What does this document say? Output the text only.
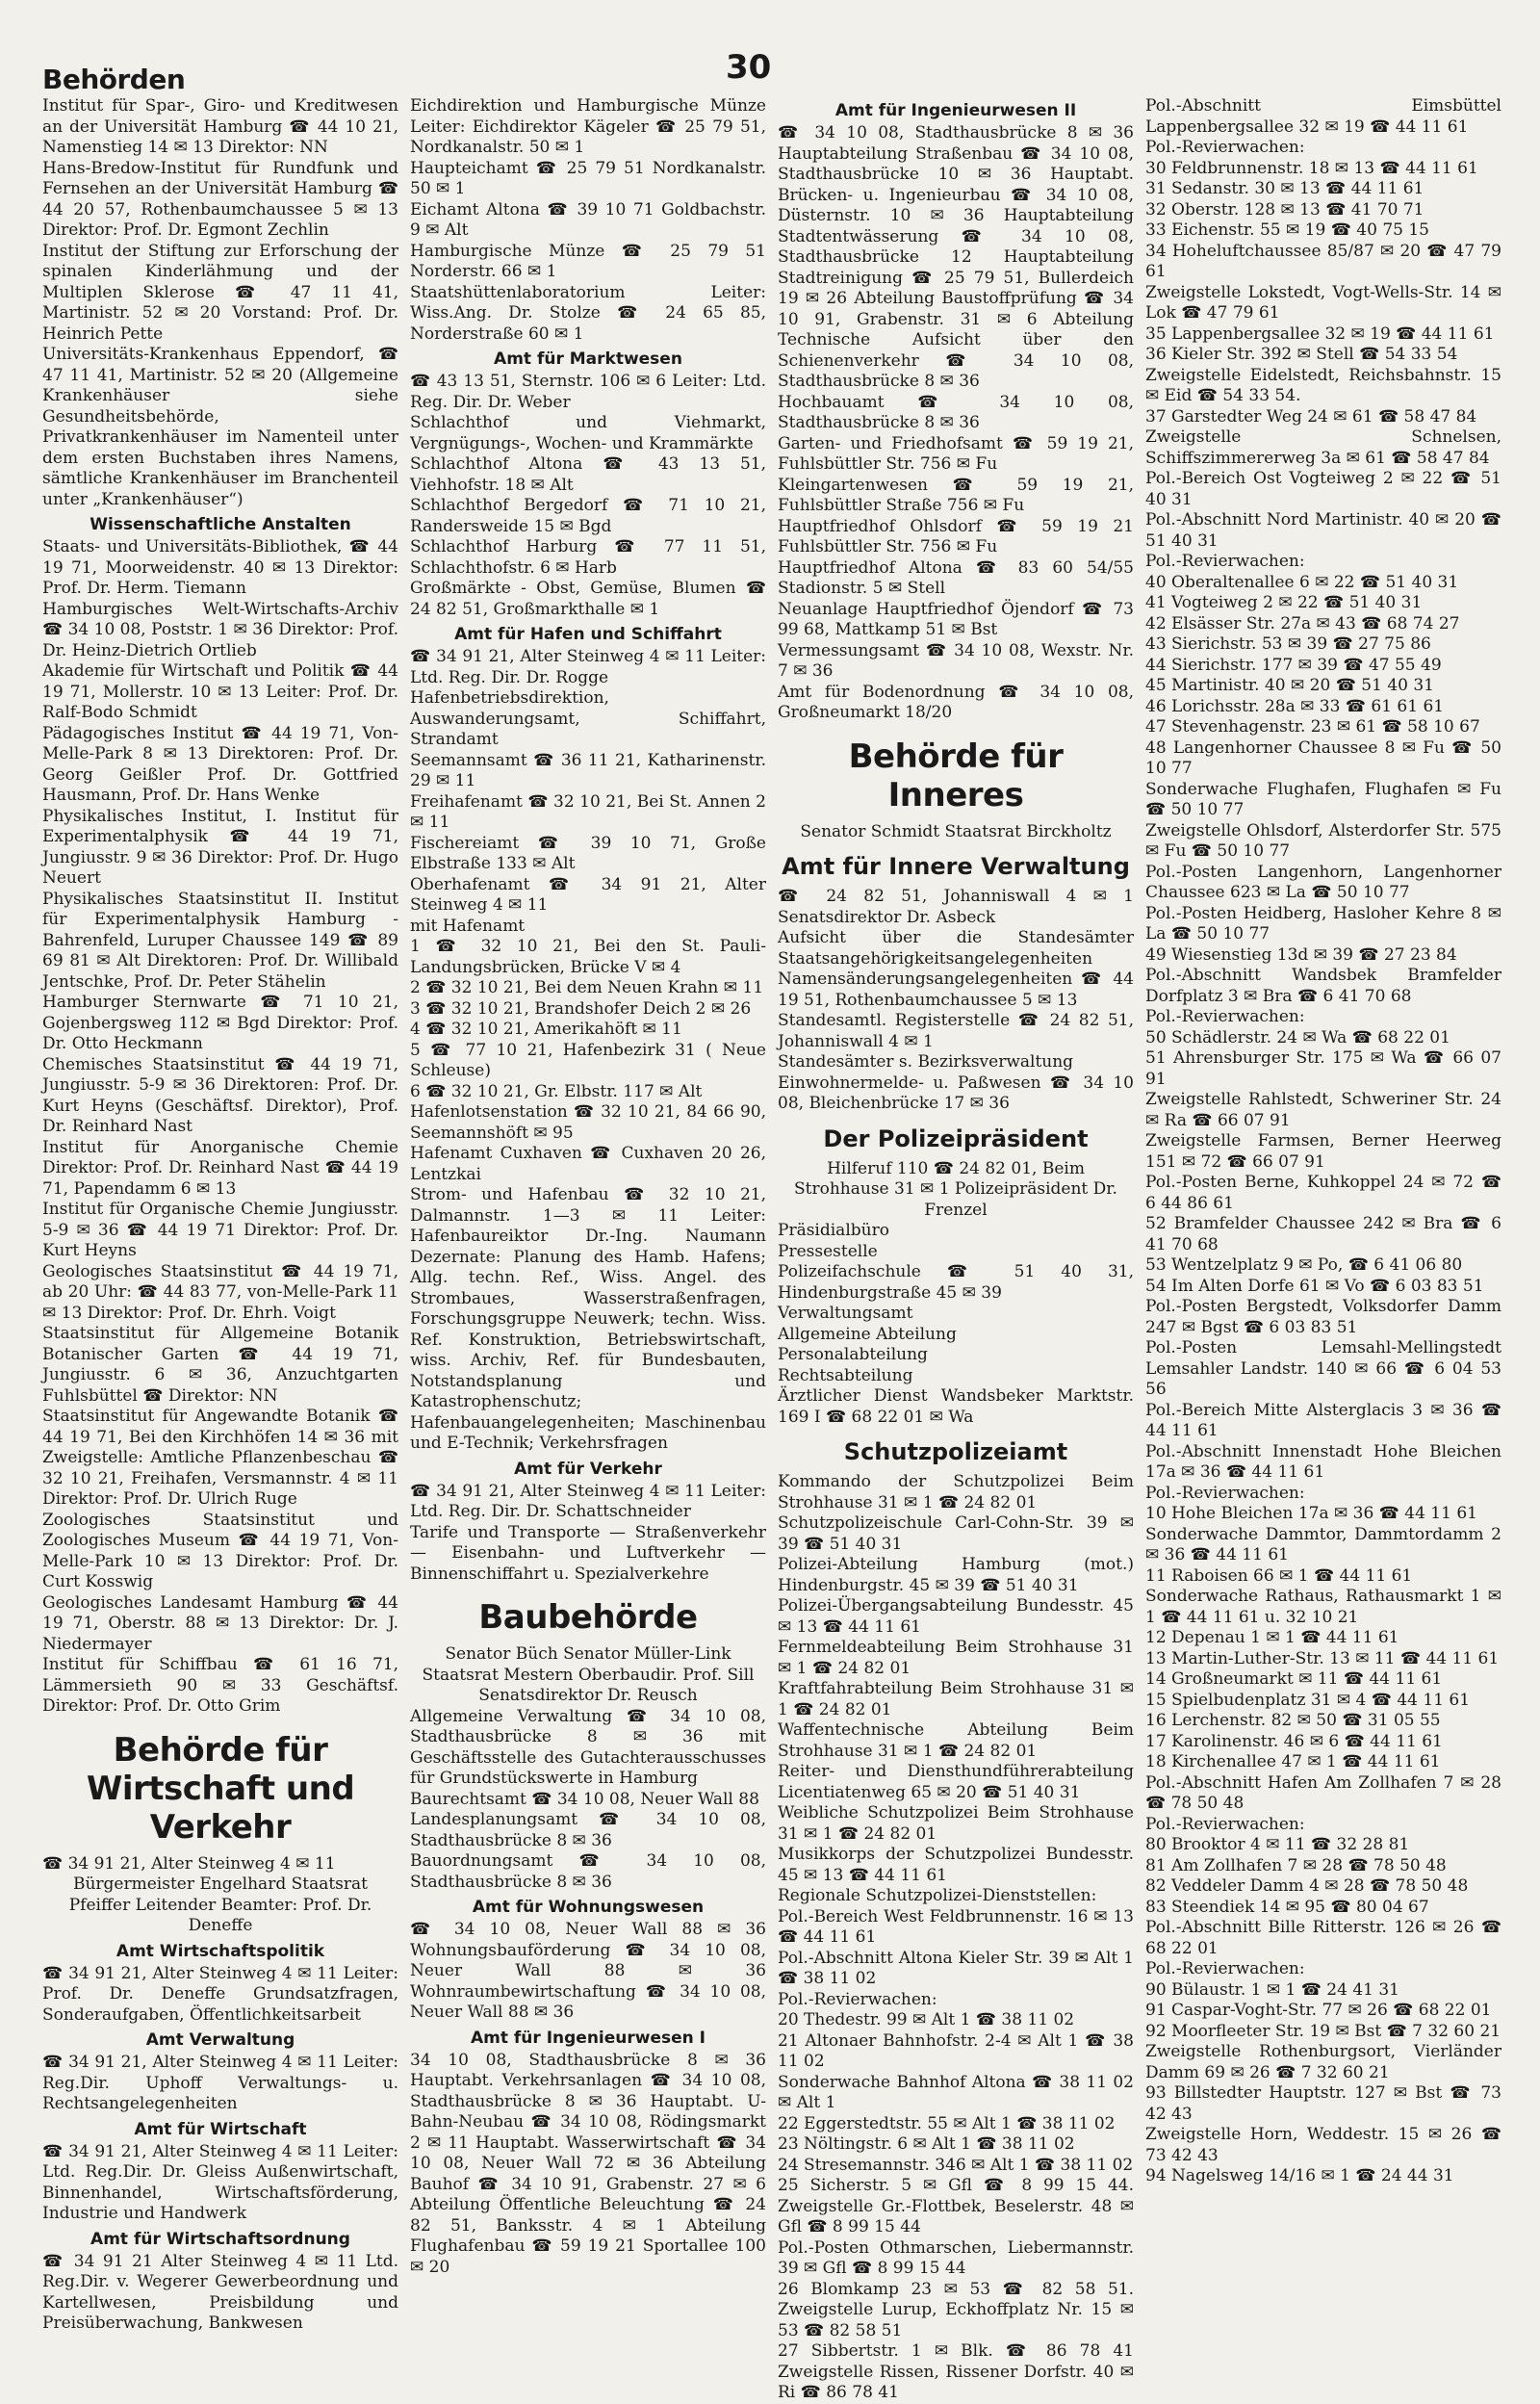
Behörden	30

Institut für Spar-, Giro- und Kreditwesen an der Universität Hamburg ☎ 44 10 21, Namenstieg 14 ✉ 13 Direktor: NN

Hans-Bredow-Institut für Rundfunk und Fernsehen an der Universität Hamburg ☎ 44 20 57, Rothenbaumchaussee 5 ✉ 13 Direktor: Prof. Dr. Egmont Zechlin

Institut der Stiftung zur Erforschung der spinalen Kinderlähmung und der Multiplen Sklerose ☎ 47 11 41, Martinistr. 52 ✉ 20 Vorstand: Prof. Dr. Heinrich Pette

Universitäts-Krankenhaus Eppendorf, ☎ 47 11 41, Martinistr. 52 ✉ 20 (Allgemeine Krankenhäuser siehe Gesundheitsbehörde, Privatkrankenhäuser im Namenteil unter dem ersten Buchstaben ihres Namens, sämtliche Krankenhäuser im Branchenteil unter „Krankenhäuser“)

Wissenschaftliche Anstalten

Staats- und Universitäts-Bibliothek, ☎ 44 19 71, Moorweidenstr. 40 ✉ 13 Direktor: Prof. Dr. Herm. Tiemann

Hamburgisches Welt-Wirtschafts-Archiv ☎ 34 10 08, Poststr. 1 ✉ 36 Direktor: Prof. Dr. Heinz-Dietrich Ortlieb

Akademie für Wirtschaft und Politik ☎ 44 19 71, Mollerstr. 10 ✉ 13 Leiter: Prof. Dr. Ralf-Bodo Schmidt

Pädagogisches Institut ☎ 44 19 71, Von-Melle-Park 8 ✉ 13 Direktoren: Prof. Dr. Georg Geißler Prof. Dr. Gottfried Hausmann, Prof. Dr. Hans Wenke

Physikalisches Institut, I. Institut für Experimentalphysik ☎ 44 19 71, Jungiusstr. 9 ✉ 36 Direktor: Prof. Dr. Hugo Neuert

Physikalisches Staatsinstitut II. Institut für Experimentalphysik Hamburg - Bahrenfeld, Luruper Chaussee 149 ☎ 89 69 81 ✉ Alt Direktoren: Prof. Dr. Willibald Jentschke, Prof. Dr. Peter Stähelin

Hamburger Sternwarte ☎ 71 10 21, Gojenbergsweg 112 ✉ Bgd Direktor: Prof. Dr. Otto Heckmann

Chemisches Staatsinstitut ☎ 44 19 71, Jungiusstr. 5-9 ✉ 36 Direktoren: Prof. Dr. Kurt Heyns (Geschäftsf. Direktor), Prof. Dr. Reinhard Nast

Institut für Anorganische Chemie Direktor: Prof. Dr. Reinhard Nast ☎ 44 19 71, Papendamm 6 ✉ 13

Institut für Organische Chemie Jungiusstr. 5-9 ✉ 36 ☎ 44 19 71 Direktor: Prof. Dr. Kurt Heyns

Geologisches Staatsinstitut ☎ 44 19 71, ab 20 Uhr: ☎ 44 83 77, von-Melle-Park 11 ✉ 13 Direktor: Prof. Dr. Ehrh. Voigt

Staatsinstitut für Allgemeine Botanik Botanischer Garten ☎ 44 19 71, Jungiusstr. 6 ✉ 36, Anzuchtgarten Fuhlsbüttel ☎ Direktor: NN

Staatsinstitut für Angewandte Botanik ☎ 44 19 71, Bei den Kirchhöfen 14 ✉ 36 mit Zweigstelle: Amtliche Pflanzenbeschau ☎ 32 10 21, Freihafen, Versmannstr. 4 ✉ 11 Direktor: Prof. Dr. Ulrich Ruge

Zoologisches Staatsinstitut und Zoologisches Museum ☎ 44 19 71, Von-Melle-Park 10 ✉ 13 Direktor: Prof. Dr. Curt Kosswig

Geologisches Landesamt Hamburg ☎ 44 19 71, Oberstr. 88 ✉ 13 Direktor: Dr. J. Niedermayer

Institut für Schiffbau ☎ 61 16 71, Lämmersieth 90 ✉ 33 Geschäftsf. Direktor: Prof. Dr. Otto Grim

Behörde für Wirtschaft und Verkehr

☎ 34 91 21, Alter Steinweg 4 ✉ 11

Bürgermeister Engelhard Staatsrat Pfeiffer Leitender Beamter: Prof. Dr. Deneffe

Amt Wirtschaftspolitik

☎ 34 91 21, Alter Steinweg 4 ✉ 11 Leiter: Prof. Dr. Deneffe Grundsatzfragen, Sonderaufgaben, Öffentlichkeitsarbeit

Amt Verwaltung

☎ 34 91 21, Alter Steinweg 4 ✉ 11 Leiter: Reg.Dir. Uphoff Verwaltungs- u. Rechtsangelegenheiten

Amt für Wirtschaft

☎ 34 91 21, Alter Steinweg 4 ✉ 11 Leiter: Ltd. Reg.Dir. Dr. Gleiss Außenwirtschaft, Binnenhandel, Wirtschaftsförderung, Industrie und Handwerk

Amt für Wirtschaftsordnung

☎ 34 91 21 Alter Steinweg 4 ✉ 11 Ltd. Reg.Dir. v. Wegerer Gewerbeordnung und Kartellwesen, Preisbildung und Preisüberwachung, Bankwesen

Eichdirektion und Hamburgische Münze Leiter: Eichdirektor Kägeler ☎ 25 79 51, Nordkanalstr. 50 ✉ 1

Haupteichamt ☎ 25 79 51 Nordkanalstr. 50 ✉ 1

Eichamt Altona ☎ 39 10 71 Goldbachstr. 9 ✉ Alt

Hamburgische Münze ☎ 25 79 51 Norderstr. 66 ✉ 1

Staatshüttenlaboratorium Leiter: Wiss.Ang. Dr. Stolze ☎ 24 65 85, Norderstraße 60 ✉ 1

Amt für Marktwesen

☎ 43 13 51, Sternstr. 106 ✉ 6 Leiter: Ltd. Reg. Dir. Dr. Weber

Schlachthof und Viehmarkt, Vergnügungs-, Wochen- und Krammärkte

Schlachthof Altona ☎ 43 13 51, Viehhofstr. 18 ✉ Alt

Schlachthof Bergedorf ☎ 71 10 21, Randersweide 15 ✉ Bgd

Schlachthof Harburg ☎ 77 11 51, Schlachthofstr. 6 ✉ Harb

Großmärkte - Obst, Gemüse, Blumen ☎ 24 82 51, Großmarkthalle ✉ 1

Amt für Hafen und Schiffahrt

☎ 34 91 21, Alter Steinweg 4 ✉ 11 Leiter: Ltd. Reg. Dir. Dr. Rogge

Hafenbetriebsdirektion, Auswanderungsamt, Schiffahrt, Strandamt

Seemannsamt ☎ 36 11 21, Katharinenstr. 29 ✉ 11

Freihafenamt ☎ 32 10 21, Bei St. Annen 2 ✉ 11

Fischereiamt ☎ 39 10 71, Große Elbstraße 133 ✉ Alt

Oberhafenamt ☎ 34 91 21, Alter Steinweg 4 ✉ 11

mit Hafenamt

1 ☎ 32 10 21, Bei den St. Pauli-Landungsbrücken, Brücke V ✉ 4

2 ☎ 32 10 21, Bei dem Neuen Krahn ✉ 11

3 ☎ 32 10 21, Brandshofer Deich 2 ✉ 26

4 ☎ 32 10 21, Amerikahöft ✉ 11

5 ☎ 77 10 21, Hafenbezirk 31 ( Neue Schleuse)

6 ☎ 32 10 21, Gr. Elbstr. 117 ✉ Alt

Hafenlotsenstation ☎ 32 10 21, 84 66 90, Seemannshöft ✉ 95

Hafenamt Cuxhaven ☎ Cuxhaven 20 26, Lentzkai

Strom- und Hafenbau ☎ 32 10 21, Dalmannstr. 1—3 ✉ 11 Leiter: Hafenbaureiktor Dr.-Ing. Naumann Dezernate: Planung des Hamb. Hafens; Allg. techn. Ref., Wiss. Angel. des Strombaues, Wasserstraßenfragen, Forschungsgruppe Neuwerk; techn. Wiss. Ref. Konstruktion, Betriebswirtschaft, wiss. Archiv, Ref. für Bundesbauten, Notstandsplanung und Katastrophenschutz; Hafenbauangelegenheiten; Maschinenbau und E-Technik; Verkehrsfragen

Amt für Verkehr

☎ 34 91 21, Alter Steinweg 4 ✉ 11 Leiter: Ltd. Reg. Dir. Dr. Schattschneider

Tarife und Transporte — Straßenverkehr — Eisenbahn- und Luftverkehr — Binnenschiffahrt u. Spezialverkehre

Baubehörde

Senator Büch Senator Müller-Link Staatsrat Mestern Oberbaudir. Prof. Sill Senatsdirektor Dr. Reusch

Allgemeine Verwaltung ☎ 34 10 08, Stadthausbrücke 8 ✉ 36 mit Geschäftsstelle des Gutachterausschusses für Grundstückswerte in Hamburg

Baurechtsamt ☎ 34 10 08, Neuer Wall 88

Landesplanungsamt ☎ 34 10 08, Stadthausbrücke 8 ✉ 36

Bauordnungsamt ☎ 34 10 08, Stadthausbrücke 8 ✉ 36

Amt für Wohnungswesen

☎ 34 10 08, Neuer Wall 88 ✉ 36 Wohnungsbauförderung ☎ 34 10 08, Neuer Wall 88 ✉ 36 Wohnraumbewirtschaftung ☎ 34 10 08, Neuer Wall 88 ✉ 36

Amt für Ingenieurwesen I

34 10 08, Stadthausbrücke 8 ✉ 36 Hauptabt. Verkehrsanlagen ☎ 34 10 08, Stadthausbrücke 8 ✉ 36 Hauptabt. U-Bahn-Neubau ☎ 34 10 08, Rödingsmarkt 2 ✉ 11 Hauptabt. Wasserwirtschaft ☎ 34 10 08, Neuer Wall 72 ✉ 36 Abteilung Bauhof ☎ 34 10 91, Grabenstr. 27 ✉ 6 Abteilung Öffentliche Beleuchtung ☎ 24 82 51, Banksstr. 4 ✉ 1 Abteilung Flughafenbau ☎ 59 19 21 Sportallee 100 ✉ 20

Amt für Ingenieurwesen II

☎ 34 10 08, Stadthausbrücke 8 ✉ 36 Hauptabteilung Straßenbau ☎ 34 10 08, Stadthausbrücke 10 ✉ 36 Hauptabt. Brücken- u. Ingenieurbau ☎ 34 10 08, Düsternstr. 10 ✉ 36 Hauptabteilung Stadtentwässerung ☎ 34 10 08, Stadthausbrücke 12 Hauptabteilung Stadtreinigung ☎ 25 79 51, Bullerdeich 19 ✉ 26 Abteilung Baustoffprüfung ☎ 34 10 91, Grabenstr. 31 ✉ 6 Abteilung Technische Aufsicht über den Schienenverkehr ☎ 34 10 08, Stadthausbrücke 8 ✉ 36

Hochbauamt ☎ 34 10 08, Stadthausbrücke 8 ✉ 36

Garten- und Friedhofsamt ☎ 59 19 21, Fuhlsbüttler Str. 756 ✉ Fu

Kleingartenwesen ☎ 59 19 21, Fuhlsbüttler Straße 756 ✉ Fu

Hauptfriedhof Ohlsdorf ☎ 59 19 21 Fuhlsbüttler Str. 756 ✉ Fu

Hauptfriedhof Altona ☎ 83 60 54/55 Stadionstr. 5 ✉ Stell

Neuanlage Hauptfriedhof Öjendorf ☎ 73 99 68, Mattkamp 51 ✉ Bst

Vermessungsamt ☎ 34 10 08, Wexstr. Nr. 7 ✉ 36

Amt für Bodenordnung ☎ 34 10 08, Großneumarkt 18/20

Behörde für Inneres

Senator Schmidt Staatsrat Birckholtz

Amt für Innere Verwaltung

☎ 24 82 51, Johanniswall 4 ✉ 1 Senatsdirektor Dr. Asbeck

Aufsicht über die Standesämter Staatsangehörigkeitsangelegenheiten Namensänderungsangelegenheiten ☎ 44 19 51, Rothenbaumchaussee 5 ✉ 13

Standesamtl. Registerstelle ☎ 24 82 51, Johanniswall 4 ✉ 1

Standesämter s. Bezirksverwaltung

Einwohnermelde- u. Paßwesen ☎ 34 10 08, Bleichenbrücke 17 ✉ 36

Der Polizeipräsident

Hilferuf 110 ☎ 24 82 01, Beim Strohhause 31 ✉ 1 Polizeipräsident Dr. Frenzel

Präsidialbüro

Pressestelle

Polizeifachschule ☎ 51 40 31, Hindenburgstraße 45 ✉ 39

Verwaltungsamt

Allgemeine Abteilung

Personalabteilung

Rechtsabteilung

Ärztlicher Dienst Wandsbeker Marktstr. 169 I ☎ 68 22 01 ✉ Wa

Schutzpolizeiamt

Kommando der Schutzpolizei Beim Strohhause 31 ✉ 1 ☎ 24 82 01

Schutzpolizeischule Carl-Cohn-Str. 39 ✉ 39 ☎ 51 40 31

Polizei-Abteilung Hamburg (mot.) Hindenburgstr. 45 ✉ 39 ☎ 51 40 31

Polizei-Übergangsabteilung Bundesstr. 45 ✉ 13 ☎ 44 11 61

Fernmeldeabteilung Beim Strohhause 31 ✉ 1 ☎ 24 82 01

Kraftfahrabteilung Beim Strohhause 31 ✉ 1 ☎ 24 82 01

Waffentechnische Abteilung Beim Strohhause 31 ✉ 1 ☎ 24 82 01

Reiter- und Diensthundführerabteilung Licentiatenweg 65 ✉ 20 ☎ 51 40 31

Weibliche Schutzpolizei Beim Strohhause 31 ✉ 1 ☎ 24 82 01

Musikkorps der Schutzpolizei Bundesstr. 45 ✉ 13 ☎ 44 11 61

Regionale Schutzpolizei-Dienststellen:

Pol.-Bereich West Feldbrunnenstr. 16 ✉ 13 ☎ 44 11 61

Pol.-Abschnitt Altona Kieler Str. 39 ✉ Alt 1 ☎ 38 11 02

Pol.-Revierwachen:

20 Thedestr. 99 ✉ Alt 1 ☎ 38 11 02

21 Altonaer Bahnhofstr. 2-4 ✉ Alt 1 ☎ 38 11 02

Sonderwache Bahnhof Altona ☎ 38 11 02 ✉ Alt 1

22 Eggerstedtstr. 55 ✉ Alt 1 ☎ 38 11 02

23 Nöltingstr. 6 ✉ Alt 1 ☎ 38 11 02

24 Stresemannstr. 346 ✉ Alt 1 ☎ 38 11 02

25 Sicherstr. 5 ✉ Gfl ☎ 8 99 15 44. Zweigstelle Gr.-Flottbek, Beselerstr. 48 ✉ Gfl ☎ 8 99 15 44

Pol.-Posten Othmarschen, Liebermannstr. 39 ✉ Gfl ☎ 8 99 15 44

26 Blomkamp 23 ✉ 53 ☎ 82 58 51. Zweigstelle Lurup, Eckhoffplatz Nr. 15 ✉ 53 ☎ 82 58 51

27 Sibbertstr. 1 ✉ Blk. ☎ 86 78 41 Zweigstelle Rissen, Rissener Dorfstr. 40 ✉ Ri ☎ 86 78 41

Pol.-Abschnitt Eimsbüttel Lappenbergsallee 32 ✉ 19 ☎ 44 11 61

Pol.-Revierwachen:

30 Feldbrunnenstr. 18 ✉ 13 ☎ 44 11 61

31 Sedanstr. 30 ✉ 13 ☎ 44 11 61

32 Oberstr. 128 ✉ 13 ☎ 41 70 71

33 Eichenstr. 55 ✉ 19 ☎ 40 75 15

34 Hoheluftchaussee 85/87 ✉ 20 ☎ 47 79 61

Zweigstelle Lokstedt, Vogt-Wells-Str. 14 ✉ Lok ☎ 47 79 61

35 Lappenbergsallee 32 ✉ 19 ☎ 44 11 61

36 Kieler Str. 392 ✉ Stell ☎ 54 33 54

Zweigstelle Eidelstedt, Reichsbahnstr. 15 ✉ Eid ☎ 54 33 54.

37 Garstedter Weg 24 ✉ 61 ☎ 58 47 84

Zweigstelle Schnelsen, Schiffszimmererweg 3a ✉ 61 ☎ 58 47 84

Pol.-Bereich Ost Vogteiweg 2 ✉ 22 ☎ 51 40 31

Pol.-Abschnitt Nord Martinistr. 40 ✉ 20 ☎ 51 40 31

Pol.-Revierwachen:

40 Oberaltenallee 6 ✉ 22 ☎ 51 40 31

41 Vogteiweg 2 ✉ 22 ☎ 51 40 31

42 Elsässer Str. 27a ✉ 43 ☎ 68 74 27

43 Sierichstr. 53 ✉ 39 ☎ 27 75 86

44 Sierichstr. 177 ✉ 39 ☎ 47 55 49

45 Martinistr. 40 ✉ 20 ☎ 51 40 31

46 Lorichsstr. 28a ✉ 33 ☎ 61 61 61

47 Stevenhagenstr. 23 ✉ 61 ☎ 58 10 67

48 Langenhorner Chaussee 8 ✉ Fu ☎ 50 10 77

Sonderwache Flughafen, Flughafen ✉ Fu ☎ 50 10 77

Zweigstelle Ohlsdorf, Alsterdorfer Str. 575 ✉ Fu ☎ 50 10 77

Pol.-Posten Langenhorn, Langenhorner Chaussee 623 ✉ La ☎ 50 10 77

Pol.-Posten Heidberg, Hasloher Kehre 8 ✉ La ☎ 50 10 77

49 Wiesenstieg 13d ✉ 39 ☎ 27 23 84

Pol.-Abschnitt Wandsbek Bramfelder Dorfplatz 3 ✉ Bra ☎ 6 41 70 68

Pol.-Revierwachen:

50 Schädlerstr. 24 ✉ Wa ☎ 68 22 01

51 Ahrensburger Str. 175 ✉ Wa ☎ 66 07 91

Zweigstelle Rahlstedt, Schweriner Str. 24 ✉ Ra ☎ 66 07 91

Zweigstelle Farmsen, Berner Heerweg 151 ✉ 72 ☎ 66 07 91

Pol.-Posten Berne, Kuhkoppel 24 ✉ 72 ☎ 6 44 86 61

52 Bramfelder Chaussee 242 ✉ Bra ☎ 6 41 70 68

53 Wentzelplatz 9 ✉ Po, ☎ 6 41 06 80

54 Im Alten Dorfe 61 ✉ Vo ☎ 6 03 83 51

Pol.-Posten Bergstedt, Volksdorfer Damm 247 ✉ Bgst ☎ 6 03 83 51

Pol.-Posten Lemsahl-Mellingstedt Lemsahler Landstr. 140 ✉ 66 ☎ 6 04 53 56

Pol.-Bereich Mitte Alsterglacis 3 ✉ 36 ☎ 44 11 61

Pol.-Abschnitt Innenstadt Hohe Bleichen 17a ✉ 36 ☎ 44 11 61

Pol.-Revierwachen:

10 Hohe Bleichen 17a ✉ 36 ☎ 44 11 61

Sonderwache Dammtor, Dammtordamm 2 ✉ 36 ☎ 44 11 61

11 Raboisen 66 ✉ 1 ☎ 44 11 61

Sonderwache Rathaus, Rathausmarkt 1 ✉ 1 ☎ 44 11 61 u. 32 10 21

12 Depenau 1 ✉ 1 ☎ 44 11 61

13 Martin-Luther-Str. 13 ✉ 11 ☎ 44 11 61

14 Großneumarkt ✉ 11 ☎ 44 11 61

15 Spielbudenplatz 31 ✉ 4 ☎ 44 11 61

16 Lerchenstr. 82 ✉ 50 ☎ 31 05 55

17 Karolinenstr. 46 ✉ 6 ☎ 44 11 61

18 Kirchenallee 47 ✉ 1 ☎ 44 11 61

Pol.-Abschnitt Hafen Am Zollhafen 7 ✉ 28 ☎ 78 50 48

Pol.-Revierwachen:

80 Brooktor 4 ✉ 11 ☎ 32 28 81

81 Am Zollhafen 7 ✉ 28 ☎ 78 50 48

82 Veddeler Damm 4 ✉ 28 ☎ 78 50 48

83 Steendiek 14 ✉ 95 ☎ 80 04 67

Pol.-Abschnitt Bille Ritterstr. 126 ✉ 26 ☎ 68 22 01

Pol.-Revierwachen:

90 Bülaustr. 1 ✉ 1 ☎ 24 41 31

91 Caspar-Voght-Str. 77 ✉ 26 ☎ 68 22 01

92 Moorfleeter Str. 19 ✉ Bst ☎ 7 32 60 21

Zweigstelle Rothenburgsort, Vierländer Damm 69 ✉ 26 ☎ 7 32 60 21

93 Billstedter Hauptstr. 127 ✉ Bst ☎ 73 42 43

Zweigstelle Horn, Weddestr. 15 ✉ 26 ☎ 73 42 43

94 Nagelsweg 14/16 ✉ 1 ☎ 24 44 31
